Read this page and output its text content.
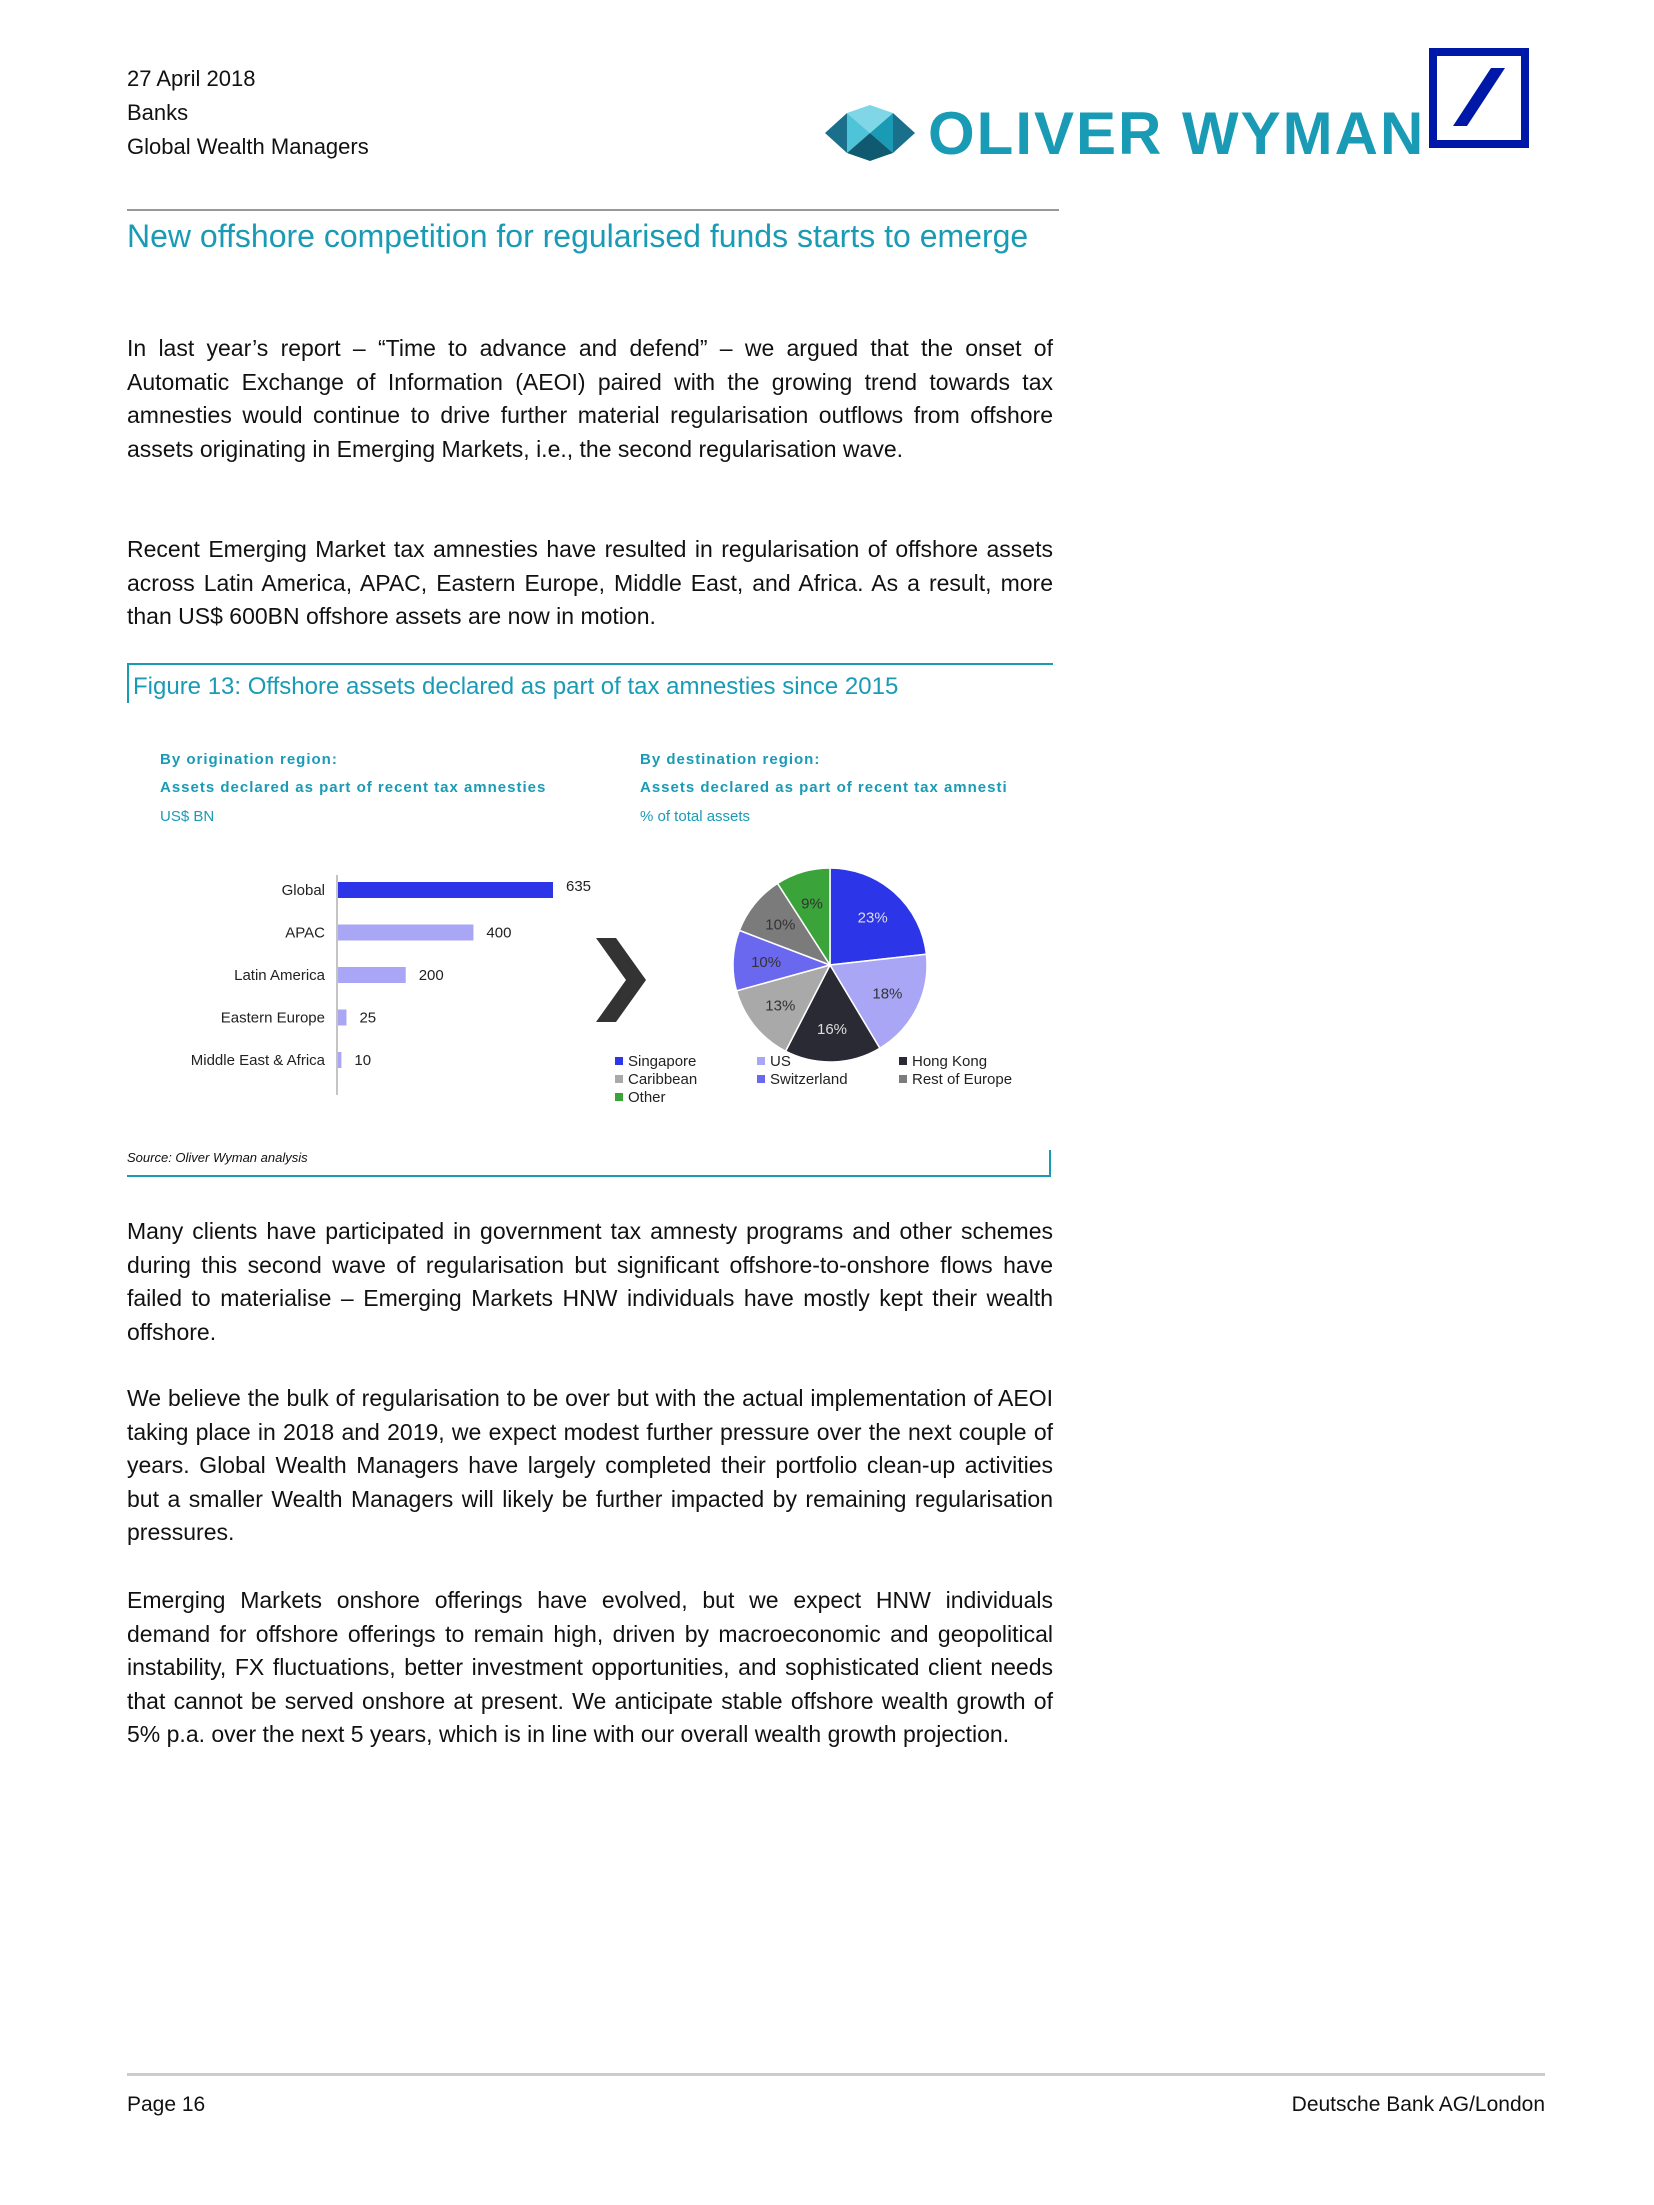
27 April 2018
Banks
Global Wealth Managers	OLIVER WYMAN
New offshore competition for regularised funds starts to emerge
In last year’s report – “Time to advance and defend” – we argued that the onset of Automatic Exchange of Information (AEOI) paired with the growing trend towards tax amnesties would continue to drive further material regularisation outflows from offshore assets originating in Emerging Markets, i.e., the second regularisation wave.
Recent Emerging Market tax amnesties have resulted in regularisation of offshore assets across Latin America, APAC, Eastern Europe, Middle East, and Africa. As a result, more than US$ 600BN offshore assets are now in motion.
Figure 13: Offshore assets declared as part of tax amnesties since 2015
By origination region:
Assets declared as part of recent tax amnesties
US$ BN
By destination region:
Assets declared as part of recent tax amnesti
% of total assets
Global	635
APAC	400
Latin America	200
Eastern Europe 25
Middle East & Africa 10
23%
18%
16%
13%
10%
10%
9%
Singapore	US	Hong Kong
Caribbean	Switzerland	Rest of Europe
Other
Source: Oliver Wyman analysis
Many clients have participated in government tax amnesty programs and other schemes during this second wave of regularisation but significant offshore-to-onshore flows have failed to materialise – Emerging Markets HNW individuals have mostly kept their wealth offshore.
We believe the bulk of regularisation to be over but with the actual implementation of AEOI taking place in 2018 and 2019, we expect modest further pressure over the next couple of years. Global Wealth Managers have largely completed their portfolio clean-up activities but a smaller Wealth Managers will likely be further impacted by remaining regularisation pressures.
Emerging Markets onshore offerings have evolved, but we expect HNW individuals demand for offshore offerings to remain high, driven by macroeconomic and geopolitical instability, FX fluctuations, better investment opportunities, and sophisticated client needs that cannot be served onshore at present. We anticipate stable offshore wealth growth of 5% p.a. over the next 5 years, which is in line with our overall wealth growth projection.
Page 16	Deutsche Bank AG/London
